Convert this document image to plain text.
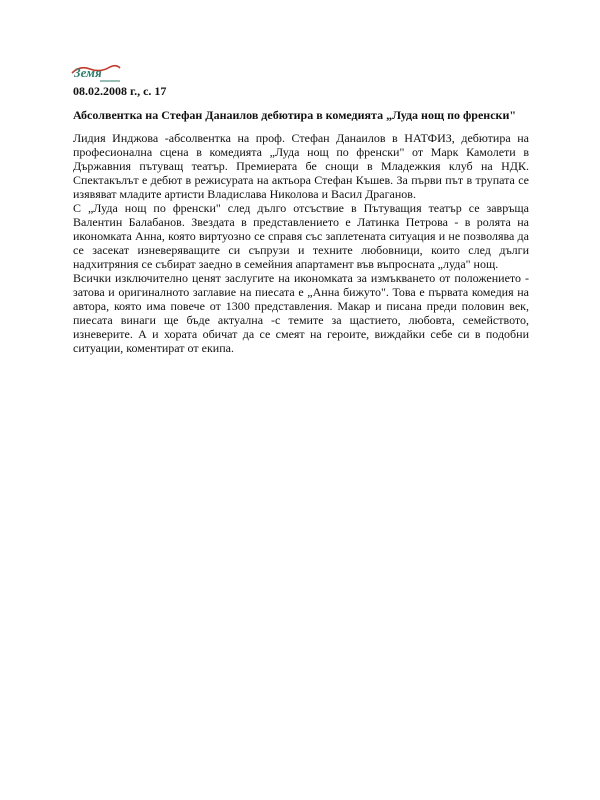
Земя
08.02.2008 г., с. 17
Абсолвентка на Стефан Данаилов дебютира в комедията „Луда нощ по френски"

Лидия Инджова -абсолвентка на проф. Стефан Данаилов в НАТФИЗ, дебютира на професионална сцена в комедията „Луда нощ по френски" от Марк Камолети в Държавния пътуващ театър. Премиерата бе снощи в Младежкия клуб на НДК. Спектакълът е дебют в режисурата на актьора Стефан Къшев. За първи път в трупата се изявяват младите артисти Владислава Николова и Васил Драганов.

С „Луда нощ по френски" след дълго отсъствие в Пътуващия театър се завръща Валентин Балабанов. Звездата в представлението е Латинка Петрова - в ролята на икономката Анна, която виртуозно се справя със заплетената ситуация и не позволява да се засекат изневеряващите си съпрузи и техните любовници, които след дълги надхитряния се събират заедно в семейния апартамент във въпросната „луда" нощ.

Всички изключително ценят заслугите на икономката за измъкването от положението - затова и оригиналното заглавие на пиесата е „Анна бижуто". Това е първата комедия на автора, която има повече от 1300 представления. Макар и писана преди половин век, пиесата винаги ще бъде актуална -с темите за щастието, любовта, семейството, изневерите. А и хората обичат да се смеят на героите, виждайки себе си в подобни ситуации, коментират от екипа.
